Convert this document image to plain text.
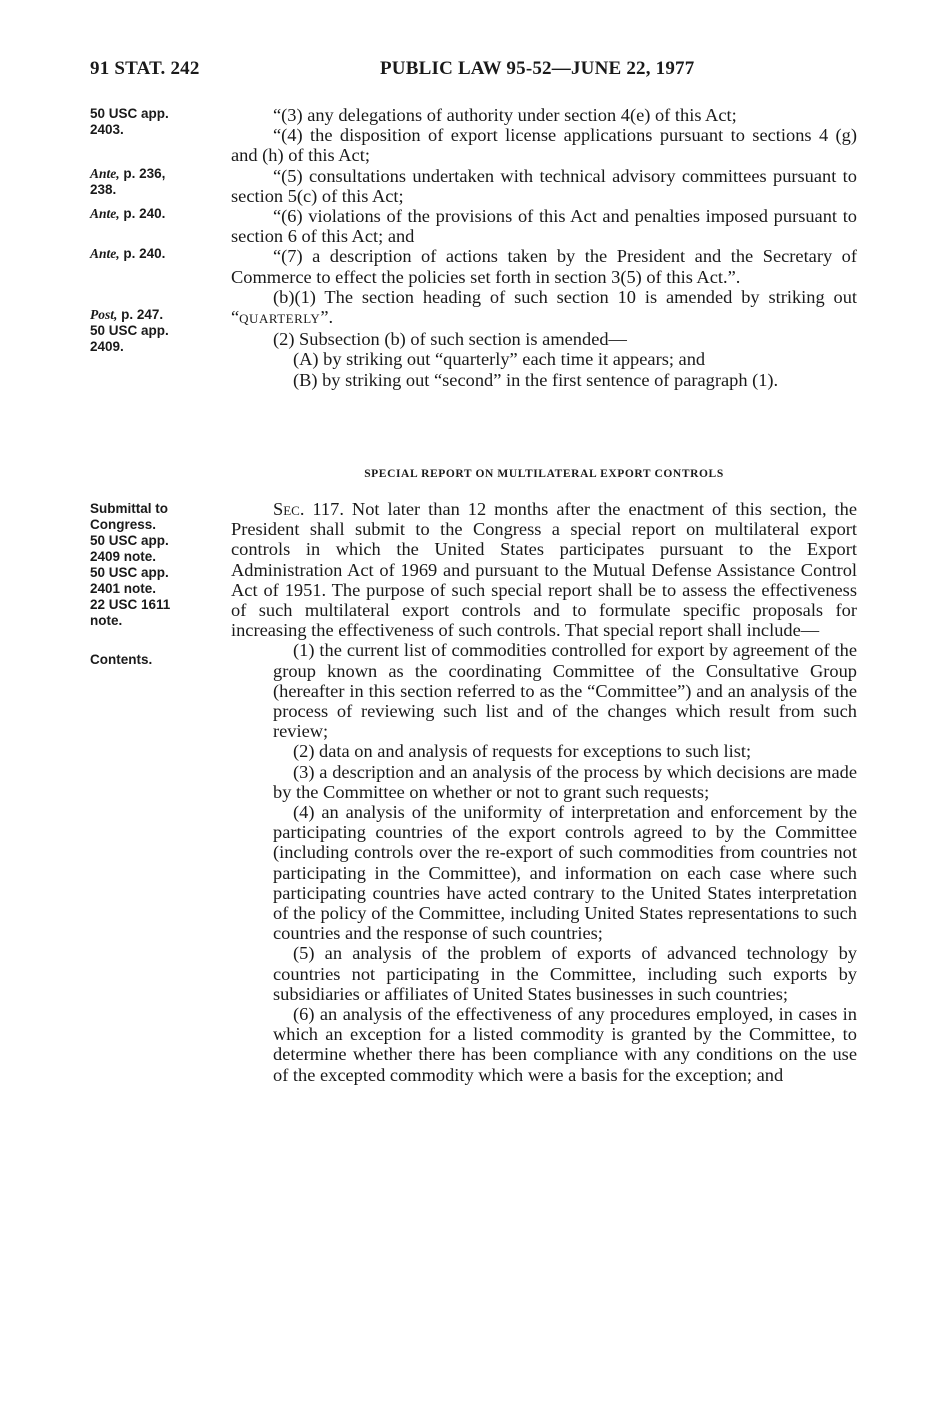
91 STAT. 242	PUBLIC LAW 95-52—JUNE 22, 1977
50 USC app.
2403.
Ante, p. 236,
238.
Ante, p. 240.
Ante, p. 240.
Post, p. 247.
50 USC app.
2409.
Submittal to
Congress.
50 USC app.
2409 note.
50 USC app.
2401 note.
22 USC 1611
note.
Contents.

“(3) any delegations of authority under section 4(e) of this Act;

“(4) the disposition of export license applications pursuant to sections 4 (g) and (h) of this Act;

“(5) consultations undertaken with technical advisory committees pursuant to section 5(c) of this Act;

“(6) violations of the provisions of this Act and penalties imposed pursuant to section 6 of this Act; and

“(7) a description of actions taken by the President and the Secretary of Commerce to effect the policies set forth in section 3(5) of this Act.”.

(b)(1) The section heading of such section 10 is amended by striking out “QUARTERLY”.

(2) Subsection (b) of such section is amended—

(A) by striking out “quarterly” each time it appears; and

(B) by striking out “second” in the first sentence of paragraph (1).

SPECIAL REPORT ON MULTILATERAL EXPORT CONTROLS

Sec. 117. Not later than 12 months after the enactment of this section, the President shall submit to the Congress a special report on multilateral export controls in which the United States participates pursuant to the Export Administration Act of 1969 and pursuant to the Mutual Defense Assistance Control Act of 1951. The purpose of such special report shall be to assess the effectiveness of such multilateral export controls and to formulate specific proposals for increasing the effectiveness of such controls. That special report shall include—

(1) the current list of commodities controlled for export by agreement of the group known as the coordinating Committee of the Consultative Group (hereafter in this section referred to as the “Committee”) and an analysis of the process of reviewing such list and of the changes which result from such review;

(2) data on and analysis of requests for exceptions to such list;

(3) a description and an analysis of the process by which decisions are made by the Committee on whether or not to grant such requests;

(4) an analysis of the uniformity of interpretation and enforcement by the participating countries of the export controls agreed to by the Committee (including controls over the re-export of such commodities from countries not participating in the Committee), and information on each case where such participating countries have acted contrary to the United States interpretation of the policy of the Committee, including United States representations to such countries and the response of such countries;

(5) an analysis of the problem of exports of advanced technology by countries not participating in the Committee, including such exports by subsidiaries or affiliates of United States businesses in such countries;

(6) an analysis of the effectiveness of any procedures employed, in cases in which an exception for a listed commodity is granted by the Committee, to determine whether there has been compliance with any conditions on the use of the excepted commodity which were a basis for the exception; and
